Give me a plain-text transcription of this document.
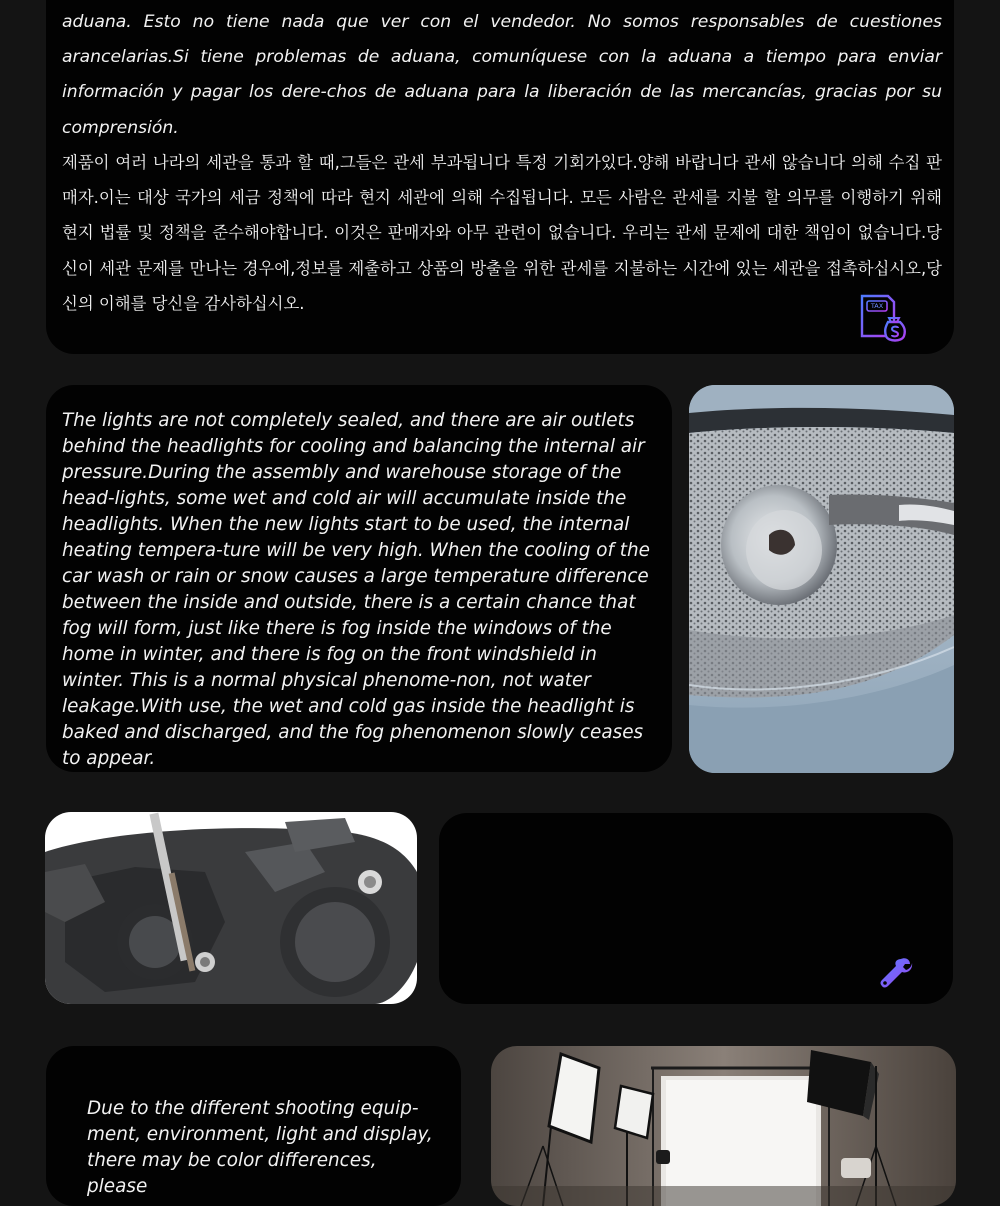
aduana. Esto no tiene nada que ver con el vendedor. No somos responsables de cuestiones arancelarias.Si tiene problemas de aduana, comuníquese con la aduana a tiempo para enviar información y pagar los dere-chos de aduana para la liberación de las mercancías, gracias por su comprensión.

제품이 여러 나라의 세관을 통과 할 때,그들은 관세 부과됩니다 특정 기회가있다.양해 바랍니다 관세 않습니다 의해 수집 판매자.이는 대상 국가의 세금 정책에 따라 현지 세관에 의해 수집됩니다. 모든 사람은 관세를 지불 할 의무를 이행하기 위해 현지 법률 및 정책을 준수해야합니다. 이것은 판매자와 아무 관련이 없습니다. 우리는 관세 문제에 대한 책임이 없습니다.당신이 세관 문제를 만나는 경우에,정보를 제출하고 상품의 방출을 위한 관세를 지불하는 시간에 있는 세관을 접촉하십시오,당신의 이해를 당신을 감사하십시오.	TAX

The lights are not completely sealed, and there are air outlets behind the headlights for cooling and balancing the internal air pressure.During the assembly and warehouse storage of the head-lights, some wet and cold air will accumulate inside the headlights. When the new lights start to be used, the internal heating tempera-ture will be very high. When the cooling of the car wash or rain or snow causes a large temperature difference between the inside and outside, there is a certain chance that fog will form, just like there is fog inside the windows of the home in winter, and there is fog on the front windshield in winter. This is a normal physical phenome-non, not water leakage.With use, the wet and cold gas inside the headlight is baked and discharged, and the fog phenomenon slowly ceases to appear.

Due to the different shooting equip-ment, environment, light and display, there may be color differences, please
